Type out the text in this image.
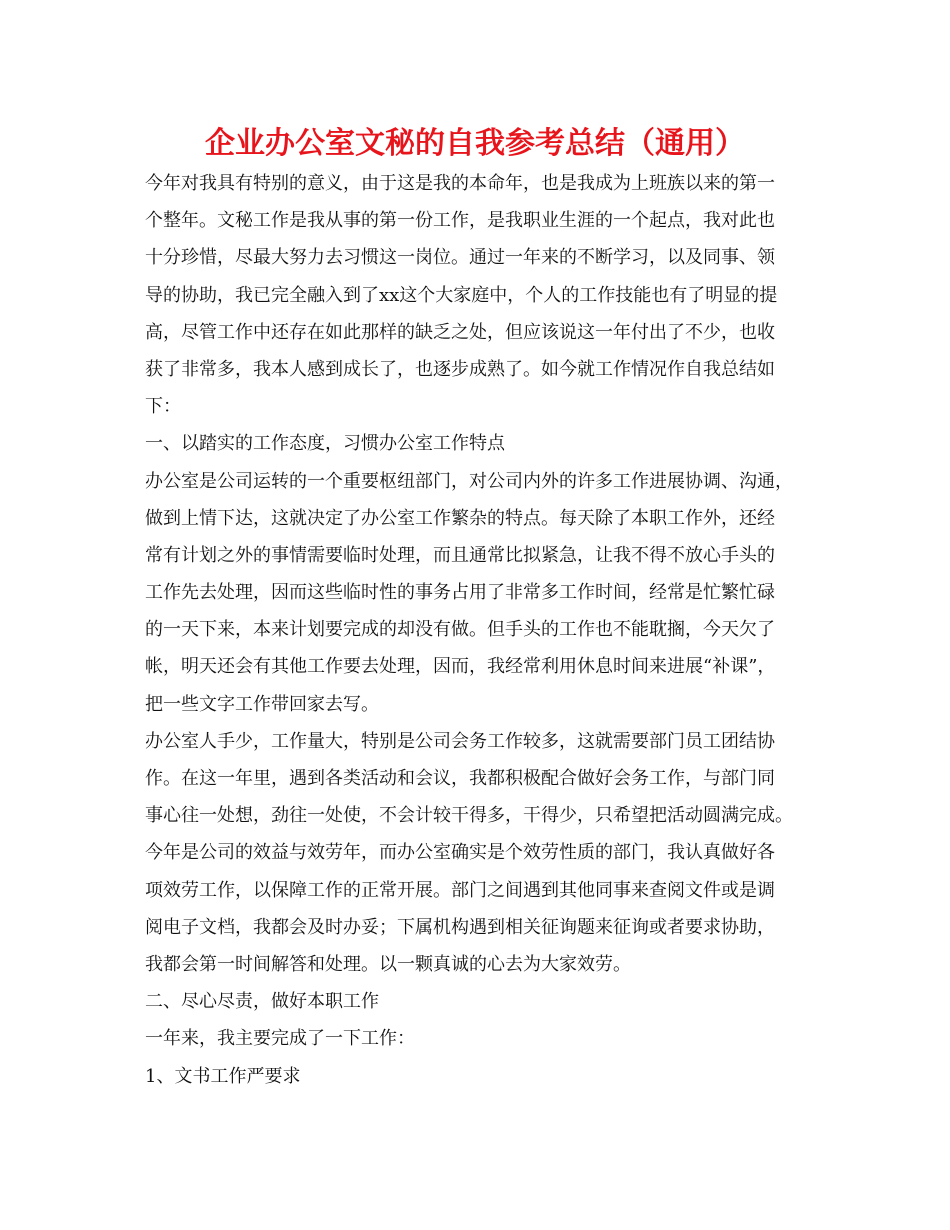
企业办公室文秘的自我参考总结（通用）
今年对我具有特别的意义，由于这是我的本命年，也是我成为上班族以来的第一
个整年。文秘工作是我从事的第一份工作，是我职业生涯的一个起点，我对此也
十分珍惜，尽最大努力去习惯这一岗位。通过一年来的不断学习，以及同事、领
导的协助，我已完全融入到了xx这个大家庭中，个人的工作技能也有了明显的提
高，尽管工作中还存在如此那样的缺乏之处，但应该说这一年付出了不少，也收
获了非常多，我本人感到成长了，也逐步成熟了。如今就工作情况作自我总结如
下：
一、以踏实的工作态度，习惯办公室工作特点
办公室是公司运转的一个重要枢纽部门，对公司内外的许多工作进展协调、沟通，
做到上情下达，这就决定了办公室工作繁杂的特点。每天除了本职工作外，还经
常有计划之外的事情需要临时处理，而且通常比拟紧急，让我不得不放心手头的
工作先去处理，因而这些临时性的事务占用了非常多工作时间，经常是忙繁忙碌
的一天下来，本来计划要完成的却没有做。但手头的工作也不能耽搁，今天欠了
帐，明天还会有其他工作要去处理，因而，我经常利用休息时间来进展“补课”，
把一些文字工作带回家去写。
办公室人手少，工作量大，特别是公司会务工作较多，这就需要部门员工团结协
作。在这一年里，遇到各类活动和会议，我都积极配合做好会务工作，与部门同
事心往一处想，劲往一处使，不会计较干得多，干得少，只希望把活动圆满完成。
今年是公司的效益与效劳年，而办公室确实是个效劳性质的部门，我认真做好各
项效劳工作，以保障工作的正常开展。部门之间遇到其他同事来查阅文件或是调
阅电子文档，我都会及时办妥；下属机构遇到相关征询题来征询或者要求协助，
我都会第一时间解答和处理。以一颗真诚的心去为大家效劳。
二、尽心尽责，做好本职工作
一年来，我主要完成了一下工作：
1、文书工作严要求
